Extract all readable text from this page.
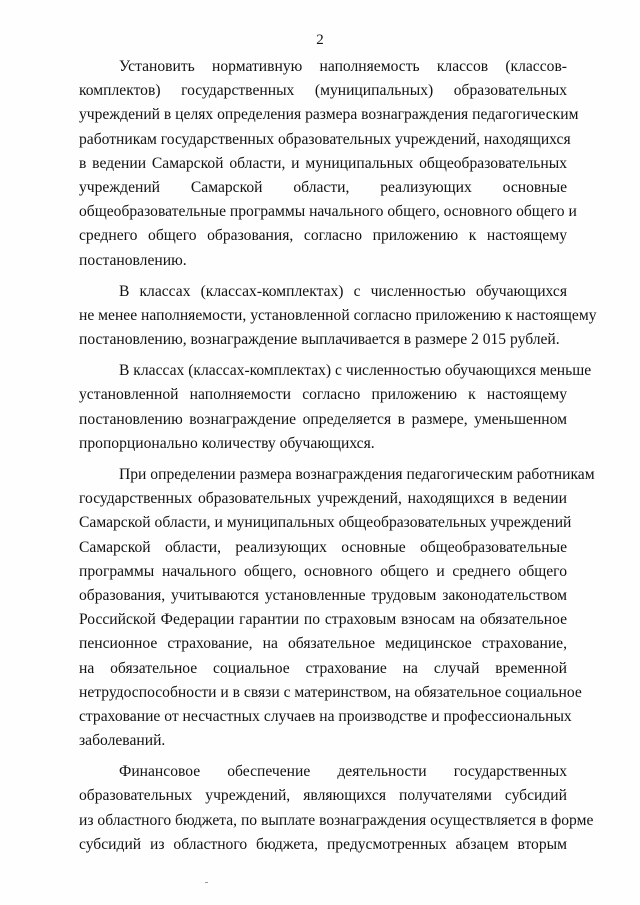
2
Установить нормативную наполняемость классов (классов-
комплектов) государственных (муниципальных) образовательных
учреждений в целях определения размера вознаграждения педагогическим
работникам государственных образовательных учреждений, находящихся
в ведении Самарской области, и муниципальных общеобразовательных
учреждений Самарской области, реализующих основные
общеобразовательные программы начального общего, основного общего и
среднего общего образования, согласно приложению к настоящему
постановлению.
В классах (классах-комплектах) с численностью обучающихся
не менее наполняемости, установленной согласно приложению к настоящему
постановлению, вознаграждение выплачивается в размере 2 015 рублей.
В классах (классах-комплектах) с численностью обучающихся меньше
установленной наполняемости согласно приложению к настоящему
постановлению вознаграждение определяется в размере, уменьшенном
пропорционально количеству обучающихся.
При определении размера вознаграждения педагогическим работникам
государственных образовательных учреждений, находящихся в ведении
Самарской области, и муниципальных общеобразовательных учреждений
Самарской области, реализующих основные общеобразовательные
программы начального общего, основного общего и среднего общего
образования, учитываются установленные трудовым законодательством
Российской Федерации гарантии по страховым взносам на обязательное
пенсионное страхование, на обязательное медицинское страхование,
на обязательное социальное страхование на случай временной
нетрудоспособности и в связи с материнством, на обязательное социальное
страхование от несчастных случаев на производстве и профессиональных
заболеваний.
Финансовое обеспечение деятельности государственных
образовательных учреждений, являющихся получателями субсидий
из областного бюджета, по выплате вознаграждения осуществляется в форме
субсидий из областного бюджета, предусмотренных абзацем вторым
